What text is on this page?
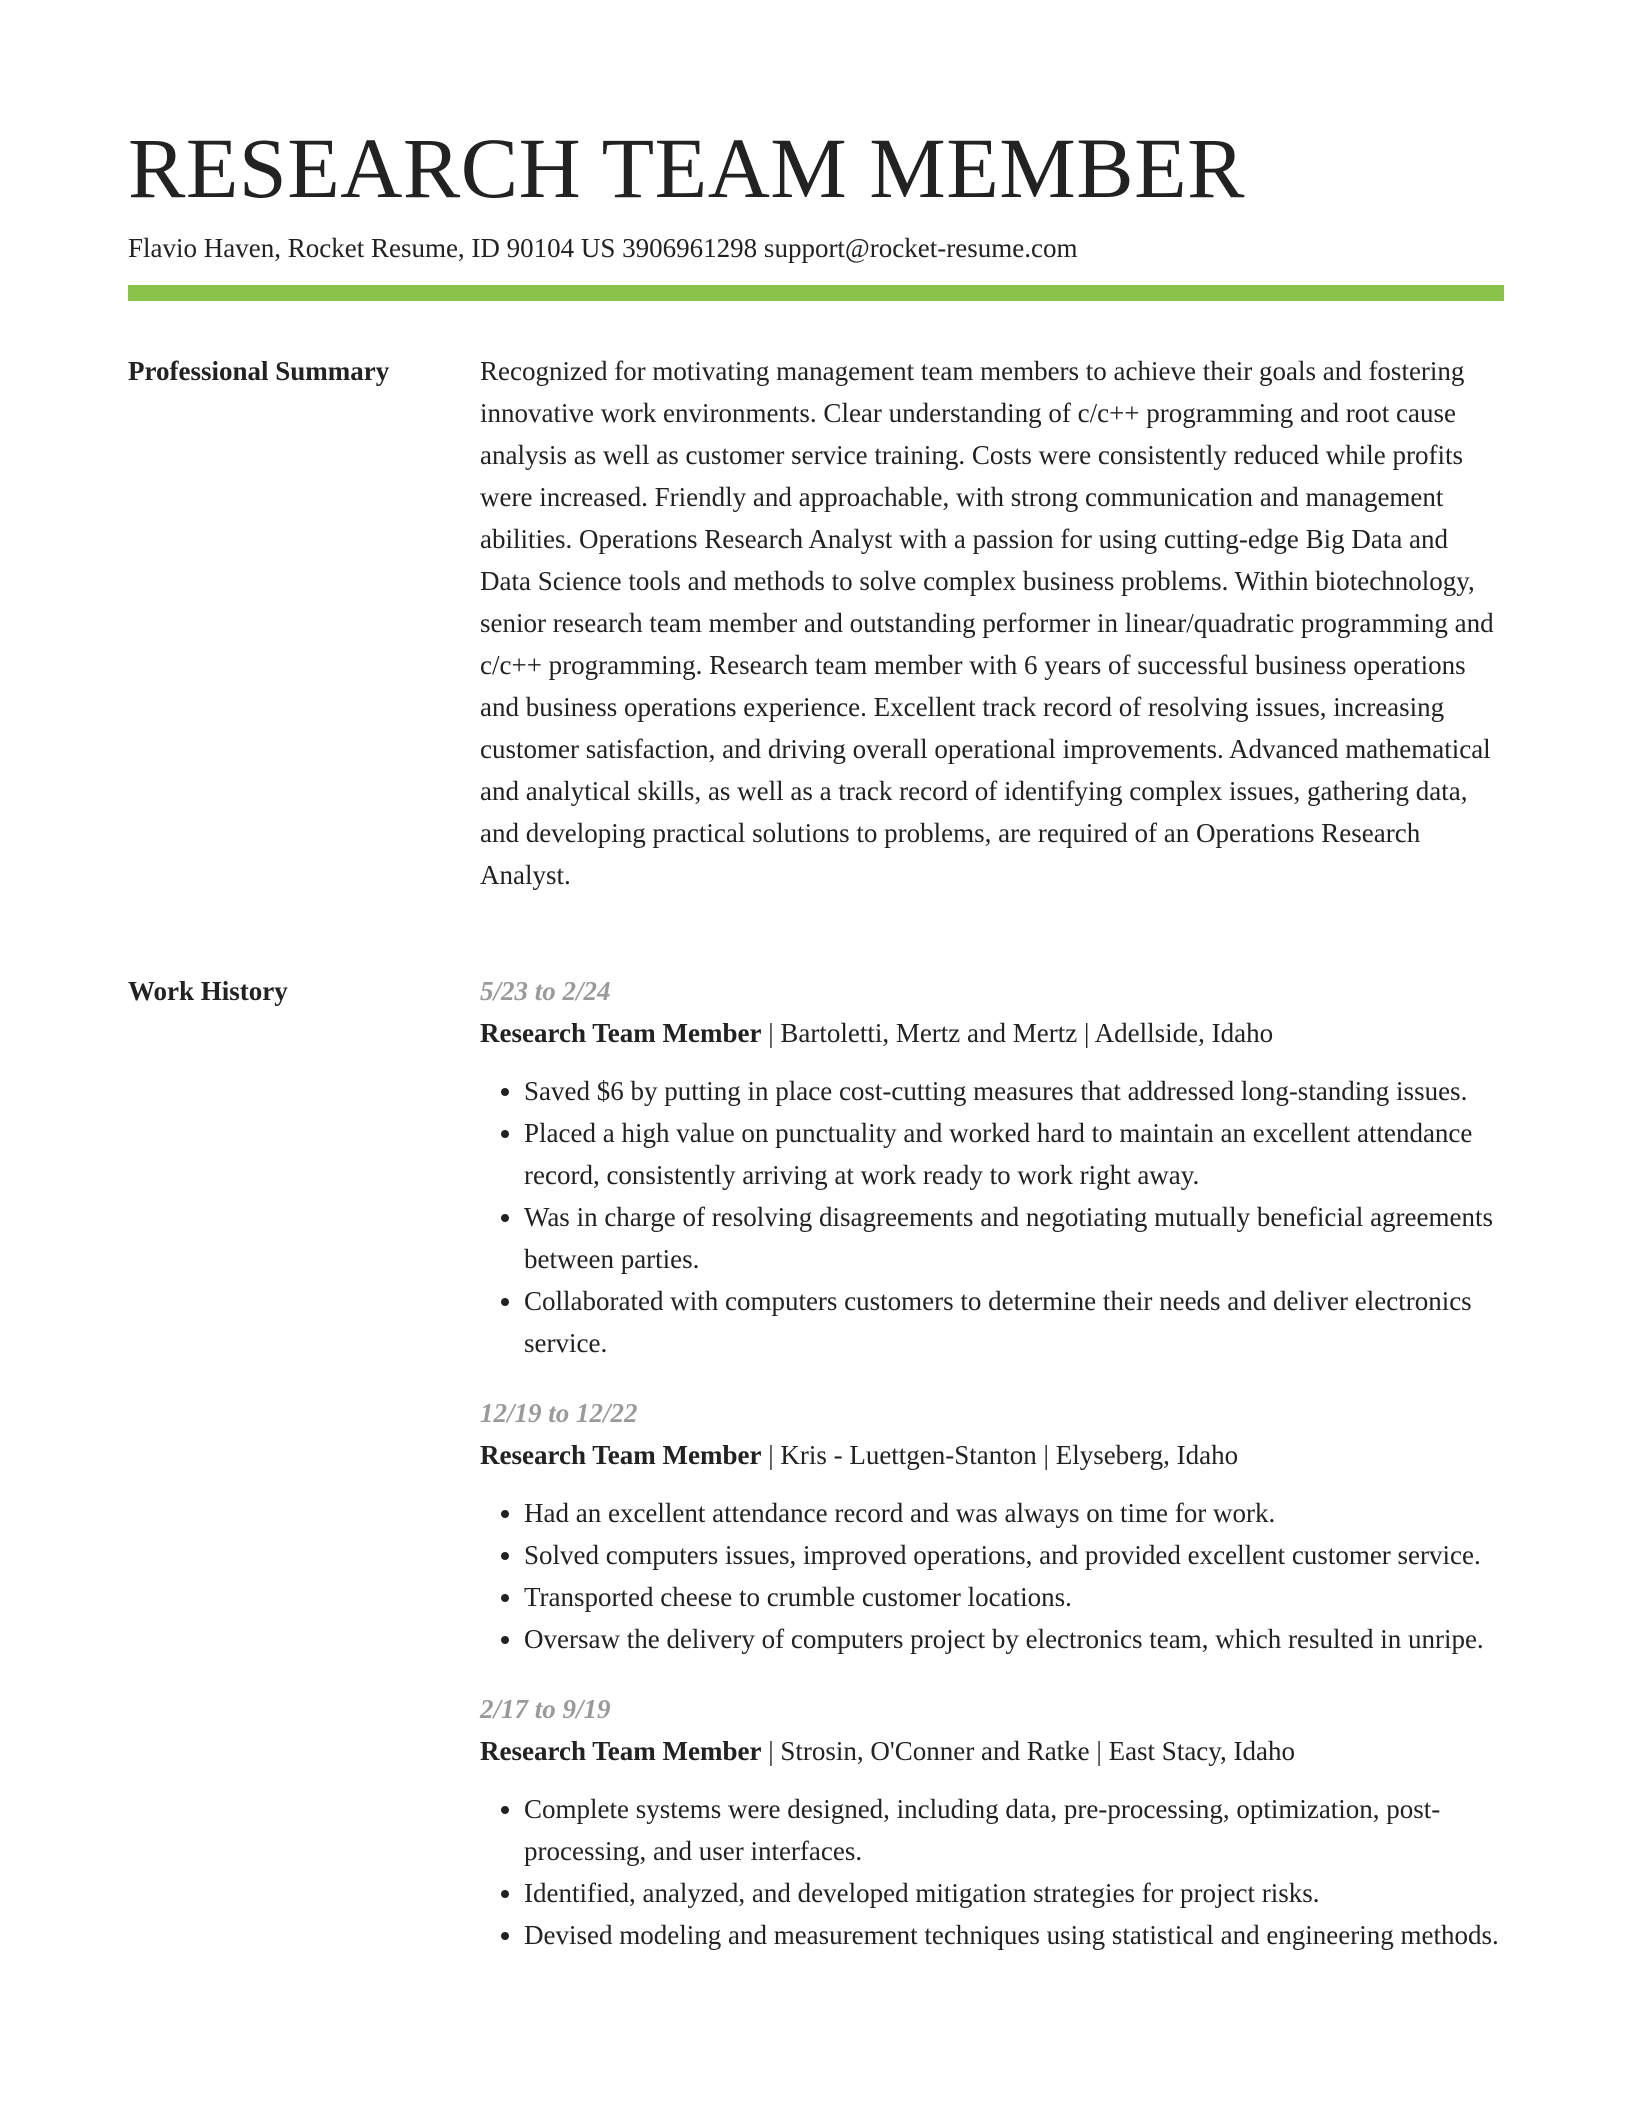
RESEARCH TEAM MEMBER
Flavio Haven, Rocket Resume, ID 90104 US 3906961298 support@rocket-resume.com
Professional Summary	Recognized for motivating management team members to achieve their goals and fostering innovative work environments. Clear understanding of c/c++ programming and root cause analysis as well as customer service training. Costs were consistently reduced while profits were increased. Friendly and approachable, with strong communication and management abilities. Operations Research Analyst with a passion for using cutting-edge Big Data and Data Science tools and methods to solve complex business problems. Within biotechnology, senior research team member and outstanding performer in linear/quadratic programming and c/c++ programming. Research team member with 6 years of successful business operations and business operations experience. Excellent track record of resolving issues, increasing customer satisfaction, and driving overall operational improvements. Advanced mathematical and analytical skills, as well as a track record of identifying complex issues, gathering data, and developing practical solutions to problems, are required of an Operations Research Analyst.
Work History	5/23 to 2/24
Research Team Member | Bartoletti, Mertz and Mertz | Adellside, Idaho
• Saved $6 by putting in place cost-cutting measures that addressed long-standing issues.
• Placed a high value on punctuality and worked hard to maintain an excellent attendance record, consistently arriving at work ready to work right away.
• Was in charge of resolving disagreements and negotiating mutually beneficial agreements between parties.
• Collaborated with computers customers to determine their needs and deliver electronics service.
12/19 to 12/22
Research Team Member | Kris - Luettgen-Stanton | Elyseberg, Idaho
• Had an excellent attendance record and was always on time for work.
• Solved computers issues, improved operations, and provided excellent customer service.
• Transported cheese to crumble customer locations.
• Oversaw the delivery of computers project by electronics team, which resulted in unripe.
2/17 to 9/19
Research Team Member | Strosin, O'Conner and Ratke | East Stacy, Idaho
• Complete systems were designed, including data, pre-processing, optimization, post-processing, and user interfaces.
• Identified, analyzed, and developed mitigation strategies for project risks.
• Devised modeling and measurement techniques using statistical and engineering methods.
